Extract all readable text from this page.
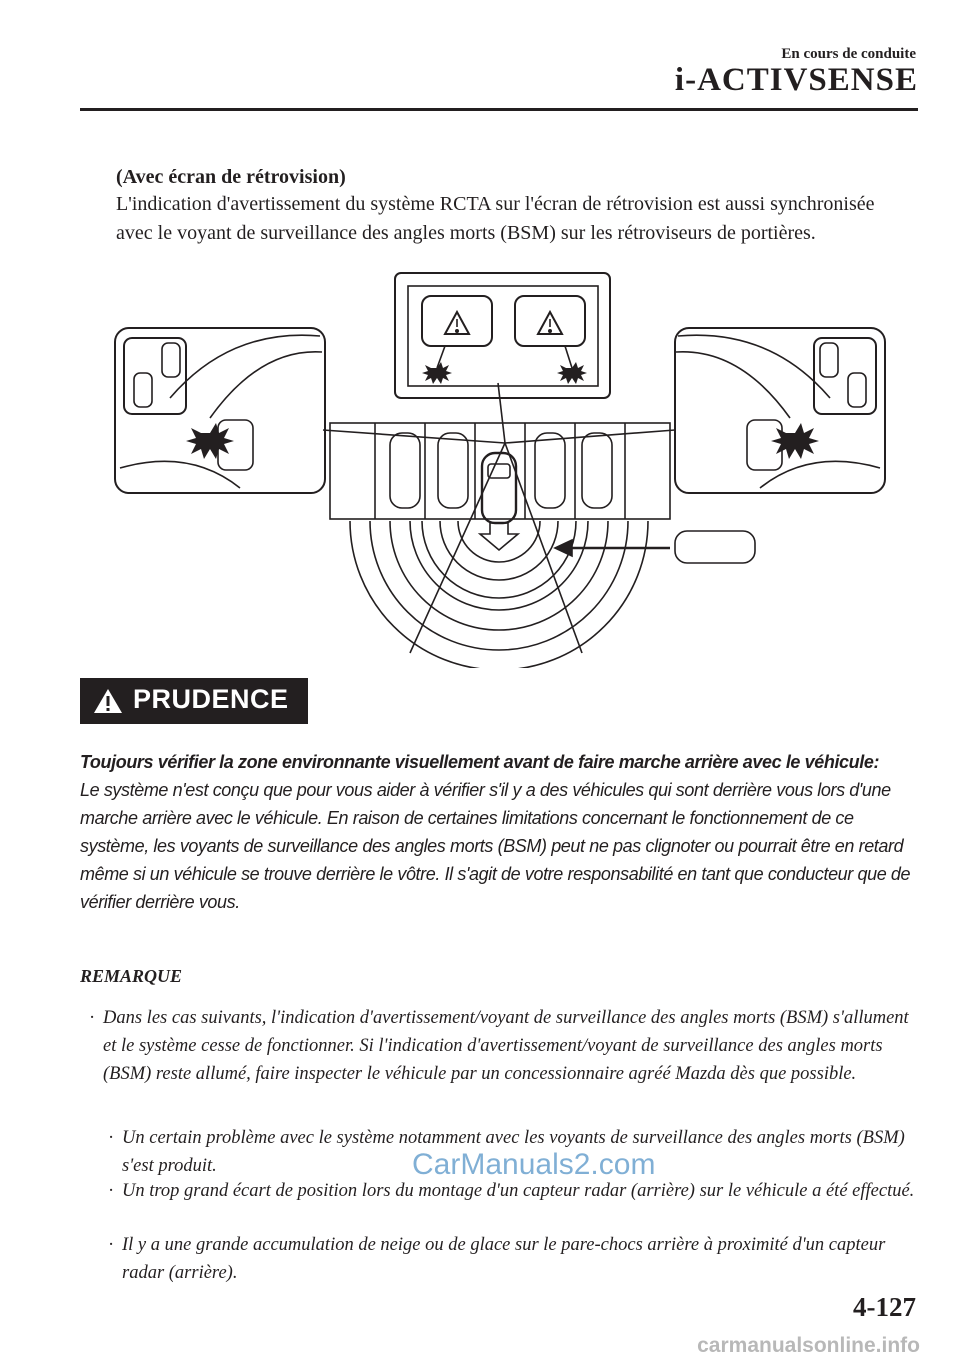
En cours de conduite
i-ACTIVSENSE
(Avec écran de rétrovision)
L'indication d'avertissement du système RCTA sur l'écran de rétrovision est aussi synchronisée avec le voyant de surveillance des angles morts (BSM) sur les rétroviseurs de portières.
PRUDENCE
Toujours vérifier la zone environnante visuellement avant de faire marche arrière avec le véhicule:
Le système n'est conçu que pour vous aider à vérifier s'il y a des véhicules qui sont derrière vous lors d'une marche arrière avec le véhicule. En raison de certaines limitations concernant le fonctionnement de ce système, les voyants de surveillance des angles morts (BSM) peut ne pas clignoter ou pourrait être en retard même si un véhicule se trouve derrière le vôtre. Il s'agit de votre responsabilité en tant que conducteur que de vérifier derrière vous.
REMARQUE
· Dans les cas suivants, l'indication d'avertissement/voyant de surveillance des angles morts (BSM) s'allument et le système cesse de fonctionner. Si l'indication d'avertissement/voyant de surveillance des angles morts (BSM) reste allumé, faire inspecter le véhicule par un concessionnaire agréé Mazda dès que possible.
· Un certain problème avec le système notamment avec les voyants de surveillance des angles morts (BSM) s'est produit.
· Un trop grand écart de position lors du montage d'un capteur radar (arrière) sur le véhicule a été effectué.
· Il y a une grande accumulation de neige ou de glace sur le pare-chocs arrière à proximité d'un capteur radar (arrière).
CarManuals2.com
4-127
carmanualsonline.info
